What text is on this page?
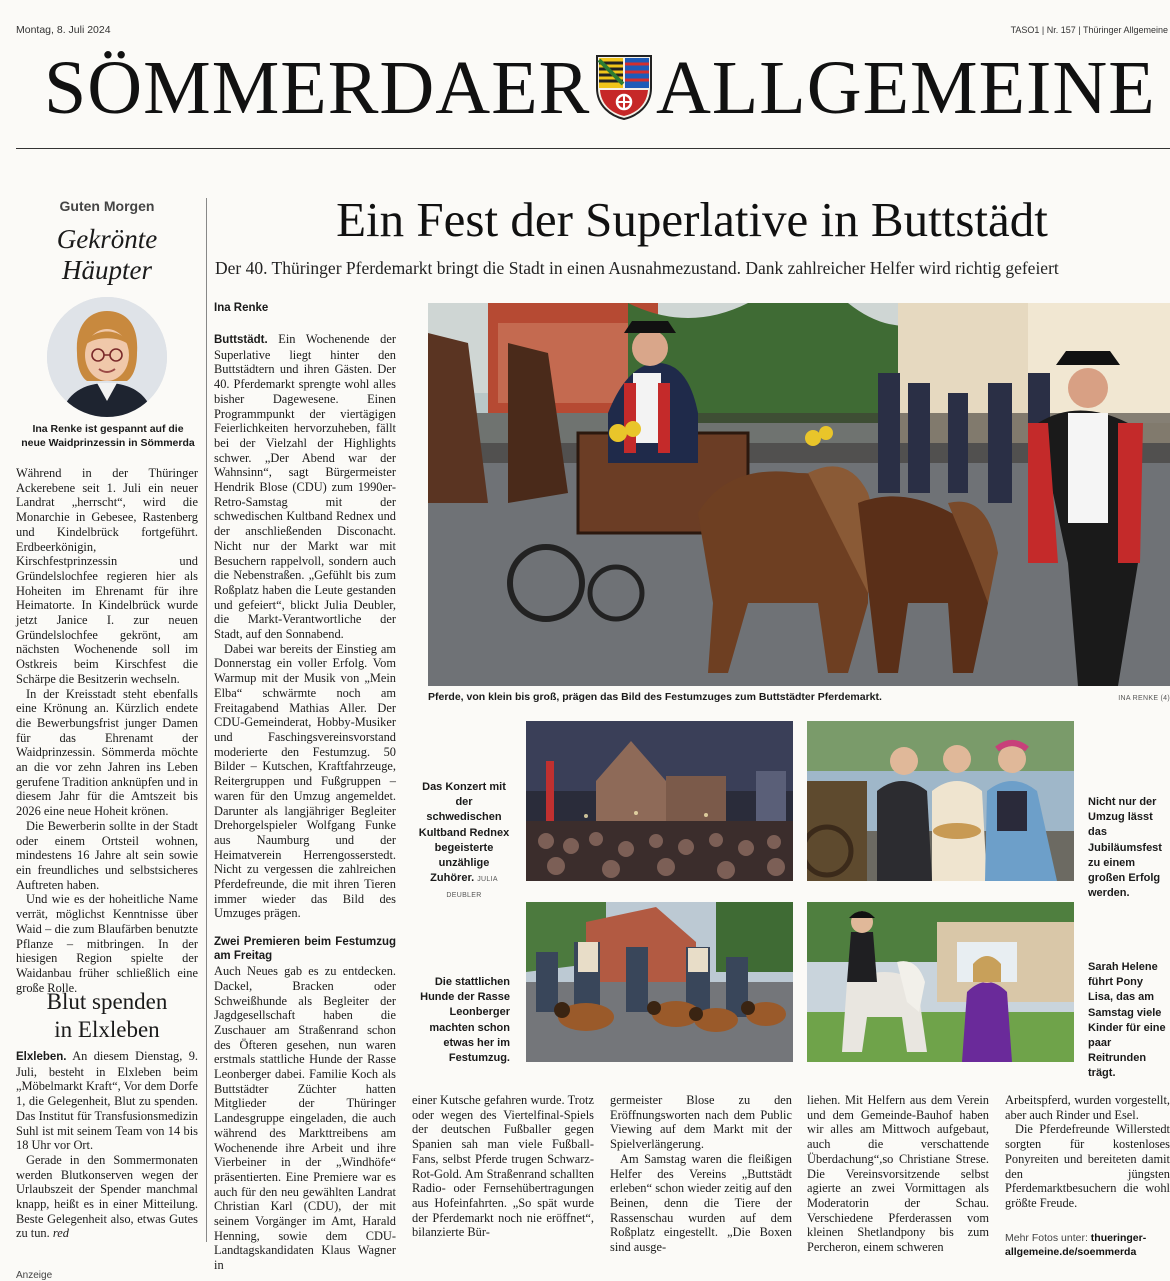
Montag, 8. Juli 2024	TASO1 | Nr. 157 | Thüringer Allgemeine
SÖMMERDAER ALLGEMEINE
Guten Morgen
Gekrönte
Häupter
Ina Renke ist gespannt auf die neue Waidprinzessin in Sömmerda

Während in der Thüringer Ackerebene seit 1. Juli ein neuer Landrat „herrscht“, wird die Monarchie in Gebesee, Rastenberg und Kindelbrück fortgeführt. Erdbeerkönigin, Kirschfestprinzessin und Gründelslochfee regieren hier als Hoheiten im Ehrenamt für ihre Heimatorte. In Kindelbrück wurde jetzt Janice I. zur neuen Gründelslochfee gekrönt, am nächsten Wochenende soll im Ostkreis beim Kirschfest die Schärpe die Besitzerin wechseln.

In der Kreisstadt steht ebenfalls eine Krönung an. Kürzlich endete die Bewerbungsfrist junger Damen für das Ehrenamt der Waidprinzessin. Sömmerda möchte an die vor zehn Jahren ins Leben gerufene Tradition anknüpfen und in diesem Jahr für die Amtszeit bis 2026 eine neue Hoheit krönen.

Die Bewerberin sollte in der Stadt oder einem Ortsteil wohnen, mindestens 16 Jahre alt sein sowie ein freundliches und selbstsicheres Auftreten haben.

Und wie es der hoheitliche Name verrät, möglichst Kenntnisse über Waid – die zum Blaufärben benutzte Pflanze – mitbringen. In der hiesigen Region spielte der Waidanbau früher schließlich eine große Rolle.

Blut spenden
in Elxleben

Elxleben. An diesem Dienstag, 9. Juli, besteht in Elxleben beim „Möbelmarkt Kraft“, Vor dem Dorfe 1, die Gelegenheit, Blut zu spenden. Das Institut für Transfusionsmedizin Suhl ist mit seinem Team von 14 bis 18 Uhr vor Ort.

Gerade in den Sommermonaten werden Blutkonserven wegen der Urlaubszeit der Spender manchmal knapp, heißt es in einer Mitteilung. Beste Gelegenheit also, etwas Gutes zu tun. red

Ein Fest der Superlative in Buttstädt
Der 40. Thüringer Pferdemarkt bringt die Stadt in einen Ausnahmezustand. Dank zahlreicher Helfer wird richtig gefeiert
Ina Renke

Buttstädt. Ein Wochenende der Superlative liegt hinter den Buttstädtern und ihren Gästen. Der 40. Pferdemarkt sprengte wohl alles bisher Dagewesene. Einen Programmpunkt der viertägigen Feierlichkeiten hervorzuheben, fällt bei der Vielzahl der Highlights schwer. „Der Abend war der Wahnsinn“, sagt Bürgermeister Hendrik Blose (CDU) zum 1990er-Retro-Samstag mit der schwedischen Kultband Rednex und der anschließenden Disconacht. Nicht nur der Markt war mit Besuchern rappelvoll, sondern auch die Nebenstraßen. „Gefühlt bis zum Roßplatz haben die Leute gestanden und gefeiert“, blickt Julia Deubler, die Markt-Verantwortliche der Stadt, auf den Sonnabend.

Dabei war bereits der Einstieg am Donnerstag ein voller Erfolg. Vom Warmup mit der Musik von „Mein Elba“ schwärmte noch am Freitagabend Mathias Aller. Der CDU-Gemeinderat, Hobby-Musiker und Faschingsvereinsvorstand moderierte den Festumzug. 50 Bilder – Kutschen, Kraftfahrzeuge, Reitergruppen und Fußgruppen – waren für den Umzug angemeldet. Darunter als langjähriger Begleiter Drehorgelspieler Wolfgang Funke aus Naumburg und der Heimatverein Herrengosserstedt. Nicht zu vergessen die zahlreichen Pferdefreunde, die mit ihren Tieren immer wieder das Bild des Umzuges prägen.

Zwei Premieren beim Festumzug am Freitag

Auch Neues gab es zu entdecken. Dackel, Bracken oder Schweißhunde als Begleiter der Jagdgesellschaft haben die Zuschauer am Straßenrand schon des Öfteren gesehen, nun waren erstmals stattliche Hunde der Rasse Leonberger dabei. Familie Koch als Buttstädter Züchter hatten Mitglieder der Thüringer Landesgruppe eingeladen, die auch während des Markttreibens am Wochenende ihre Arbeit und ihre Vierbeiner in der „Windhöfe“ präsentierten. Eine Premiere war es auch für den neu gewählten Landrat Christian Karl (CDU), der mit seinem Vorgänger im Amt, Harald Henning, sowie dem CDU-Landtagskandidaten Klaus Wagner in

Pferde, von klein bis groß, prägen das Bild des Festumzuges zum Buttstädter Pferdemarkt.	INA RENKE (4)
Das Konzert mit der schwedischen Kultband Rednex begeisterte unzählige Zuhörer. JULIA DEUBLER
Nicht nur der Umzug lässt das Jubiläumsfest zu einem großen Erfolg werden.
Die stattlichen Hunde der Rasse Leonberger machten schon etwas her im Festumzug.
Sarah Helene führt Pony Lisa, das am Samstag viele Kinder für eine paar Reitrunden trägt.

einer Kutsche gefahren wurde. Trotz oder wegen des Viertelfinal-Spiels der deutschen Fußballer gegen Spanien sah man viele Fußball-Fans, selbst Pferde trugen Schwarz-Rot-Gold. Am Straßenrand schallten Radio- oder Fernsehübertragungen aus Hofeinfahrten. „So spät wurde der Pferdemarkt noch nie eröffnet“, bilanzierte Bür-

germeister Blose zu den Eröffnungsworten nach dem Public Viewing auf dem Markt mit der Spielverlängerung.

Am Samstag waren die fleißigen Helfer des Vereins „Buttstädt erleben“ schon wieder zeitig auf den Beinen, denn die Tiere der Rassenschau wurden auf dem Roßplatz eingestellt. „Die Boxen sind ausge-

liehen. Mit Helfern aus dem Verein und dem Gemeinde-Bauhof haben wir alles am Mittwoch aufgebaut, auch die verschattende Überdachung“,so Christiane Strese. Die Vereinsvorsitzende selbst agierte an zwei Vormittagen als Moderatorin der Schau. Verschiedene Pferderassen vom kleinen Shetlandpony bis zum Percheron, einem schweren

Arbeitspferd, wurden vorgestellt, aber auch Rinder und Esel.

Die Pferdefreunde Willerstedt sorgten für kostenloses Ponyreiten und bereiteten damit den jüngsten Pferdemarktbesuchern die wohl größte Freude.

Mehr Fotos unter: thueringer-allgemeine.de/soemmerda
Anzeige
